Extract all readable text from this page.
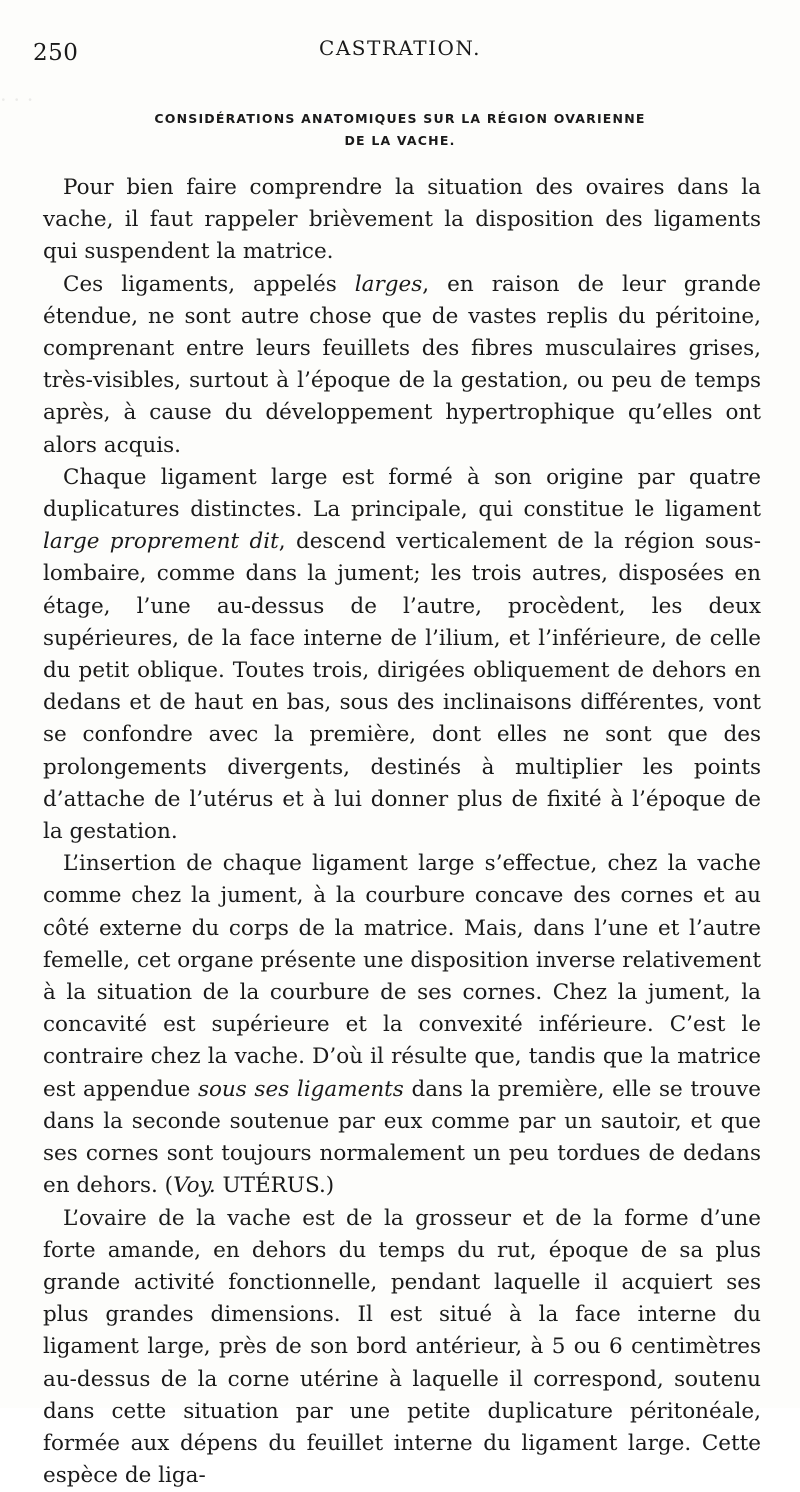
· · ·
250	CASTRATION.
CONSIDÉRATIONS ANATOMIQUES SUR LA RÉGION OVARIENNE
DE LA VACHE.

Pour bien faire comprendre la situation des ovaires dans la vache, il faut rappeler brièvement la disposition des ligaments qui suspendent la matrice.

Ces ligaments, appelés larges, en raison de leur grande étendue, ne sont autre chose que de vastes replis du péritoine, comprenant entre leurs feuillets des fibres musculaires grises, très-visibles, surtout à l’époque de la gestation, ou peu de temps après, à cause du développement hypertrophique qu’elles ont alors acquis.

Chaque ligament large est formé à son origine par quatre duplicatures distinctes. La principale, qui constitue le ligament large proprement dit, descend verticalement de la région sous-lombaire, comme dans la jument; les trois autres, disposées en étage, l’une au-dessus de l’autre, procèdent, les deux supérieures, de la face interne de l’ilium, et l’inférieure, de celle du petit oblique. Toutes trois, dirigées obliquement de dehors en dedans et de haut en bas, sous des inclinaisons différentes, vont se confondre avec la première, dont elles ne sont que des prolongements divergents, destinés à multiplier les points d’attache de l’utérus et à lui donner plus de fixité à l’époque de la gestation.

L’insertion de chaque ligament large s’effectue, chez la vache comme chez la jument, à la courbure concave des cornes et au côté externe du corps de la matrice. Mais, dans l’une et l’autre femelle, cet organe présente une disposition inverse relativement à la situation de la courbure de ses cornes. Chez la jument, la concavité est supérieure et la convexité inférieure. C’est le contraire chez la vache. D’où il résulte que, tandis que la matrice est appendue sous ses ligaments dans la première, elle se trouve dans la seconde soutenue par eux comme par un sautoir, et que ses cornes sont toujours normalement un peu tordues de dedans en dehors. (Voy. UTÉRUS.)

L’ovaire de la vache est de la grosseur et de la forme d’une forte amande, en dehors du temps du rut, époque de sa plus grande activité fonctionnelle, pendant laquelle il acquiert ses plus grandes dimensions. Il est situé à la face interne du ligament large, près de son bord antérieur, à 5 ou 6 centimètres au-dessus de la corne utérine à laquelle il correspond, soutenu dans cette situation par une petite duplicature péritonéale, formée aux dépens du feuillet interne du ligament large. Cette espèce de liga-
